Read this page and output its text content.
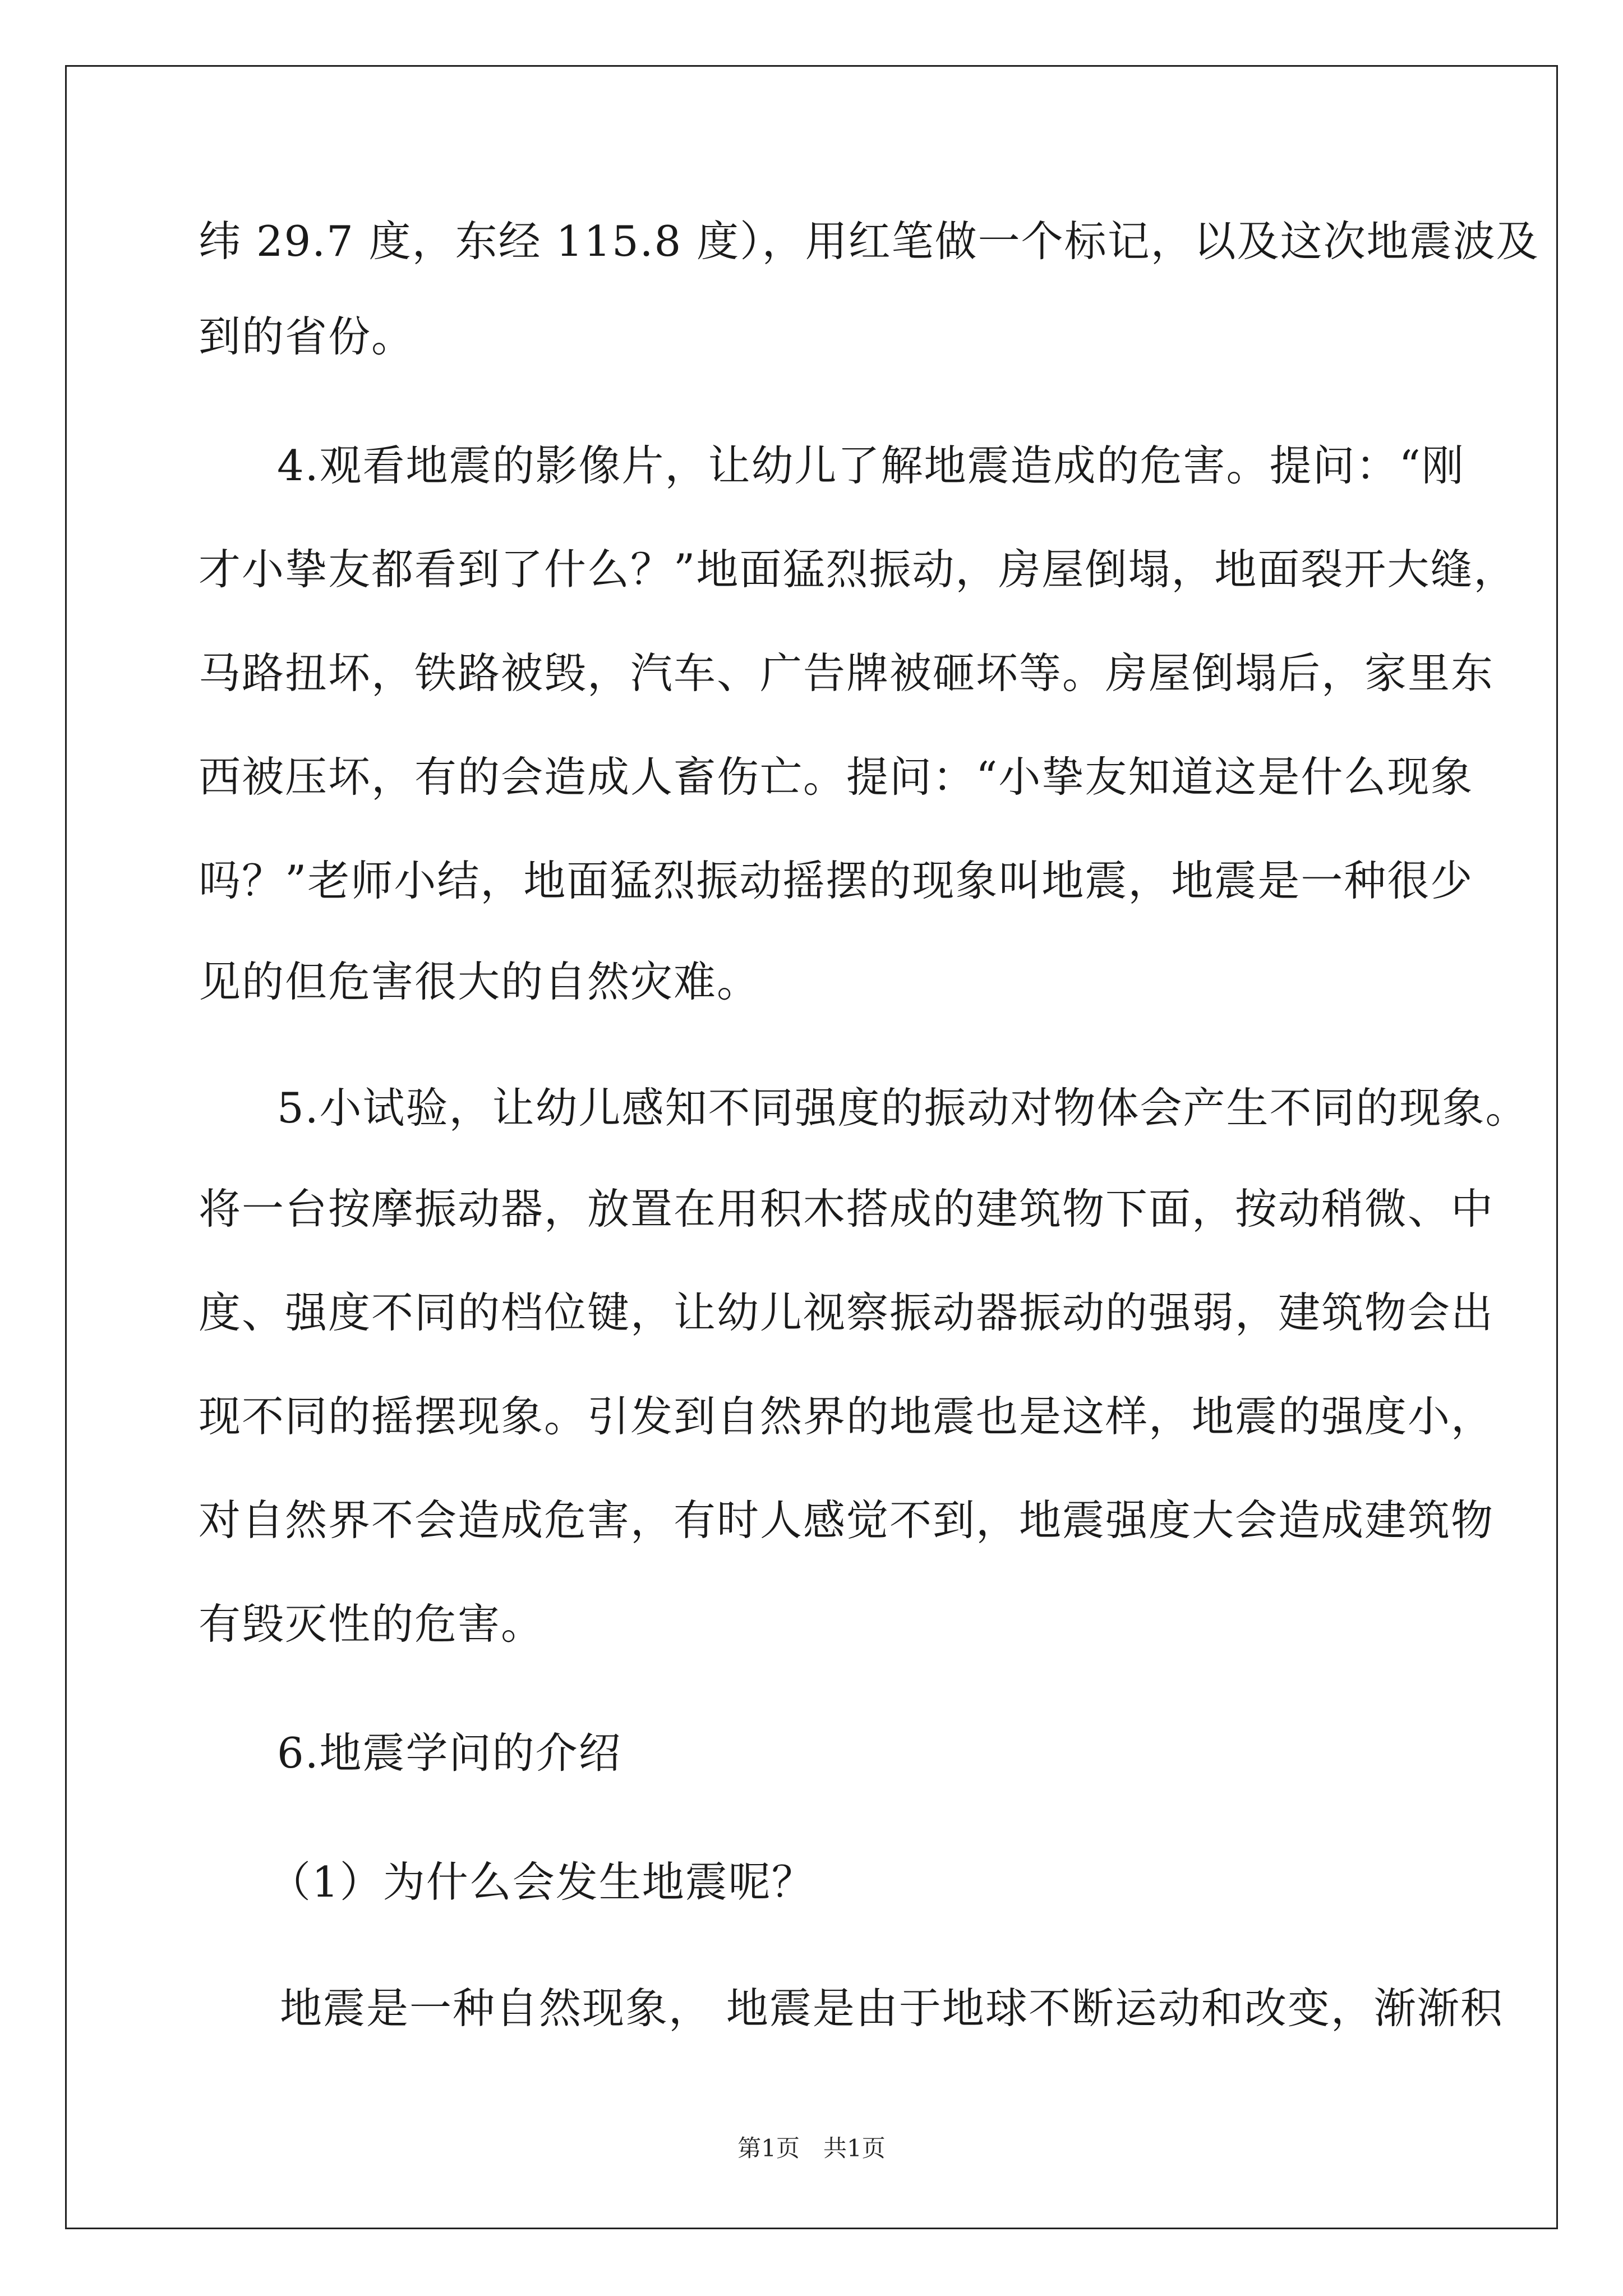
纬 29.7 度，东经 115.8 度），用红笔做一个标记，以及这次地震波及
到的省份。
4.观看地震的影像片，让幼儿了解地震造成的危害。提问：“刚
才小挚友都看到了什么？”地面猛烈振动，房屋倒塌，地面裂开大缝，
马路扭坏，铁路被毁，汽车、广告牌被砸坏等。房屋倒塌后，家里东
西被压坏，有的会造成人畜伤亡。提问：“小挚友知道这是什么现象
吗？”老师小结，地面猛烈振动摇摆的现象叫地震，地震是一种很少
见的但危害很大的自然灾难。
5.小试验，让幼儿感知不同强度的振动对物体会产生不同的现象。
将一台按摩振动器，放置在用积木搭成的建筑物下面，按动稍微、中
度、强度不同的档位键，让幼儿视察振动器振动的强弱，建筑物会出
现不同的摇摆现象。引发到自然界的地震也是这样，地震的强度小，
对自然界不会造成危害，有时人感觉不到，地震强度大会造成建筑物
有毁灭性的危害。
6.地震学问的介绍
（1）为什么会发生地震呢？
地震是一种自然现象， 地震是由于地球不断运动和改变，渐渐积
第1页　共1页
